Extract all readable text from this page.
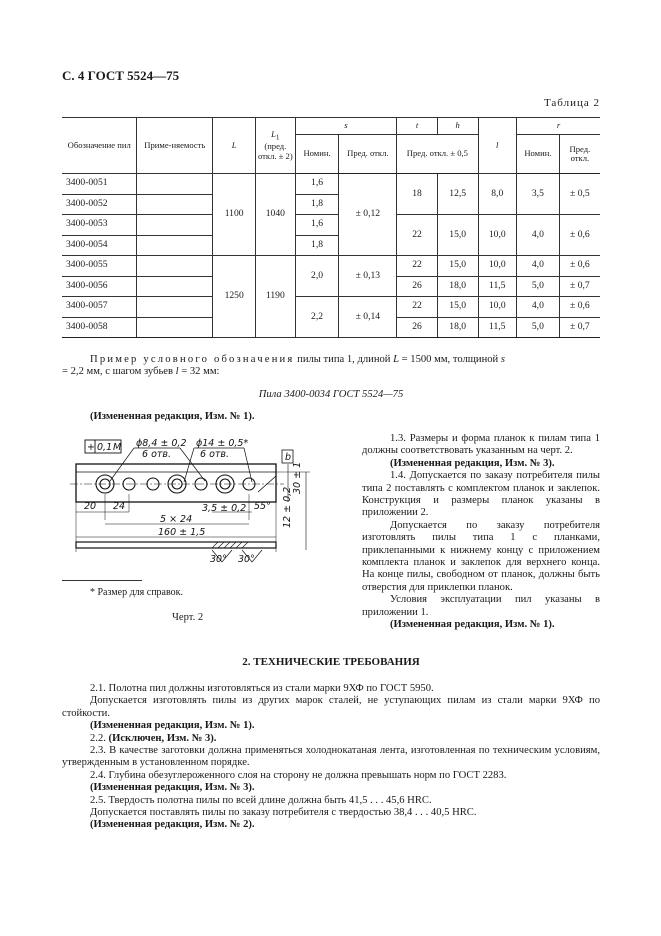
С. 4 ГОСТ 5524—75
Таблица 2
Обозначение пил	Приме-няемость	L	$L_1$
(пред. откл. ± 2)	s		t	h	l	r	
				Номин.	Пред. откл.	Пред. откл. ± 0,5			Номин.	Пред. откл.
3400-0051		1100	1040	1,6	± 0,12	18	12,5	8,0	3,5	± 0,5
3400-0052				1,8						
3400-0053				1,6		22	15,0	10,0	4,0	± 0,6
3400-0054				1,8						
3400-0055		1250	1190	2,0	± 0,13	22	15,0	10,0	4,0	± 0,6
3400-0056						26	18,0	11,5	5,0	± 0,7
3400-0057				2,2	± 0,14	22	15,0	10,0	4,0	± 0,6
3400-0058						26	18,0	11,5	5,0	± 0,7
Пример условного обозначения пилы типа 1, длиной L = 1500 мм, толщиной s
= 2,2 мм, с шагом зубьев l = 32 мм:
Пила 3400-0034 ГОСТ 5524—75
(Измененная редакция, Изм. № 1).
+ 0,1 M ϕ8,4 ± 0,2
6 отв.
ϕ14 ± 0,5*
6 отв.	b
30 ± 1
12 ± 0,2
20 24	3,5 ± 0,2 55°
5 × 24
160 ± 1,5
30° 30°
* Размер для справок.
Черт. 2

1.3. Размеры и форма планок к пилам типа 1 должны соответствовать указанным на черт. 2.

(Измененная редакция, Изм. № 3).

1.4. Допускается по заказу потребителя пилы типа 2 поставлять с комплектом планок и заклепок. Конструкция и размеры планок указаны в приложении 2.

Допускается по заказу потребителя изготовлять пилы типа 1 с планками, приклепанными к нижнему концу с приложением комплекта планок и заклепок для верхнего конца. На конце пилы, свободном от планок, должны быть отверстия для приклепки планок.

Условия эксплуатации пил указаны в приложении 1.

(Измененная редакция, Изм. № 1).

2. ТЕХНИЧЕСКИЕ ТРЕБОВАНИЯ
2.1. Полотна пил должны изготовляться из стали марки 9ХФ по ГОСТ 5950.
Допускается изготовлять пилы из других марок сталей, не уступающих пилам из стали марки 9ХФ по стойкости.
(Измененная редакция, Изм. № 1).
2.2. (Исключен, Изм. № 3).
2.3. В качестве заготовки должна применяться холоднокатаная лента, изготовленная по техническим условиям, утвержденным в установленном порядке.
2.4. Глубина обезуглероженного слоя на сторону не должна превышать норм по ГОСТ 2283.
(Измененная редакция, Изм. № 3).
2.5. Твердость полотна пилы по всей длине должна быть 41,5 . . . 45,6 HRC.
Допускается поставлять пилы по заказу потребителя с твердостью 38,4 . . . 40,5 HRC.
(Измененная редакция, Изм. № 2).
